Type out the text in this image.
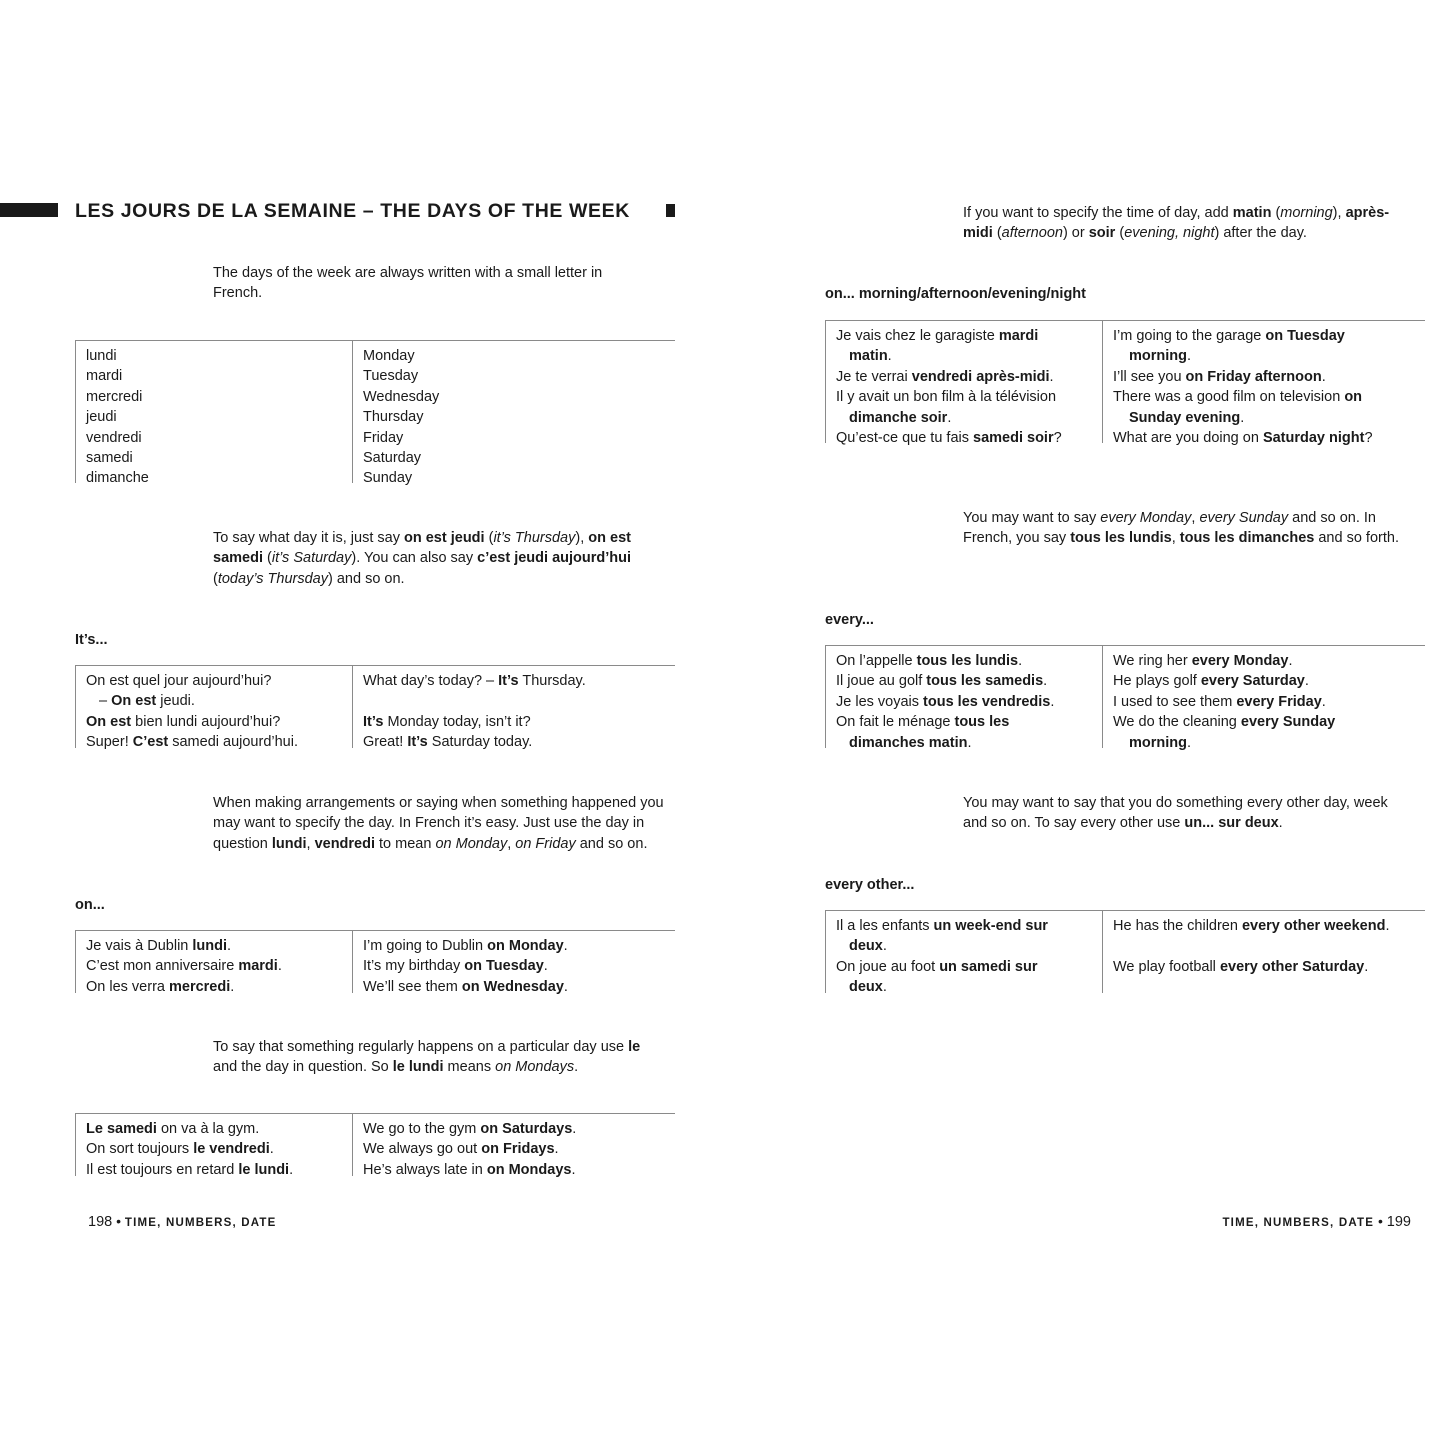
LES JOURS DE LA SEMAINE – THE DAYS OF THE WEEK
The days of the week are always written with a small letter in French.
lundi
mardi
mercredi
jeudi
vendredi
samedi
dimanche
Monday
Tuesday
Wednesday
Thursday
Friday
Saturday
Sunday
To say what day it is, just say on est jeudi (it’s Thursday), on est samedi (it’s Saturday). You can also say c’est jeudi aujourd’hui (today’s Thursday) and so on.
It’s...
On est quel jour aujourd’hui?
– On est jeudi.
On est bien lundi aujourd’hui?
Super! C’est samedi aujourd’hui.
What day’s today? – It’s Thursday.

It’s Monday today, isn’t it?
Great! It’s Saturday today.
When making arrangements or saying when something happened you may want to specify the day. In French it’s easy. Just use the day in question lundi, vendredi to mean on Monday, on Friday and so on.
on...
Je vais à Dublin lundi.
C’est mon anniversaire mardi.
On les verra mercredi.
I’m going to Dublin on Monday.
It’s my birthday on Tuesday.
We’ll see them on Wednesday.
To say that something regularly happens on a particular day use le and the day in question. So le lundi means on Mondays.
Le samedi on va à la gym.
On sort toujours le vendredi.
Il est toujours en retard le lundi.
We go to the gym on Saturdays.
We always go out on Fridays.
He’s always late in on Mondays.
198 • TIME, NUMBERS, DATE
If you want to specify the time of day, add matin (morning), après-midi (afternoon) or soir (evening, night) after the day.
on... morning/afternoon/evening/night
Je vais chez le garagiste mardi
matin.
Je te verrai vendredi après-midi.
Il y avait un bon film à la télévision
dimanche soir.
Qu’est-ce que tu fais samedi soir?
I’m going to the garage on Tuesday
morning.
I’ll see you on Friday afternoon.
There was a good film on television on
Sunday evening.
What are you doing on Saturday night?
You may want to say every Monday, every Sunday and so on. In French, you say tous les lundis, tous les dimanches and so forth.
every...
On l’appelle tous les lundis.
Il joue au golf tous les samedis.
Je les voyais tous les vendredis.
On fait le ménage tous les
dimanches matin.
We ring her every Monday.
He plays golf every Saturday.
I used to see them every Friday.
We do the cleaning every Sunday
morning.
You may want to say that you do something every other day, week and so on. To say every other use un... sur deux.
every other...
Il a les enfants un week-end sur
deux.
On joue au foot un samedi sur
deux.
He has the children every other weekend.

We play football every other Saturday.
TIME, NUMBERS, DATE • 199
